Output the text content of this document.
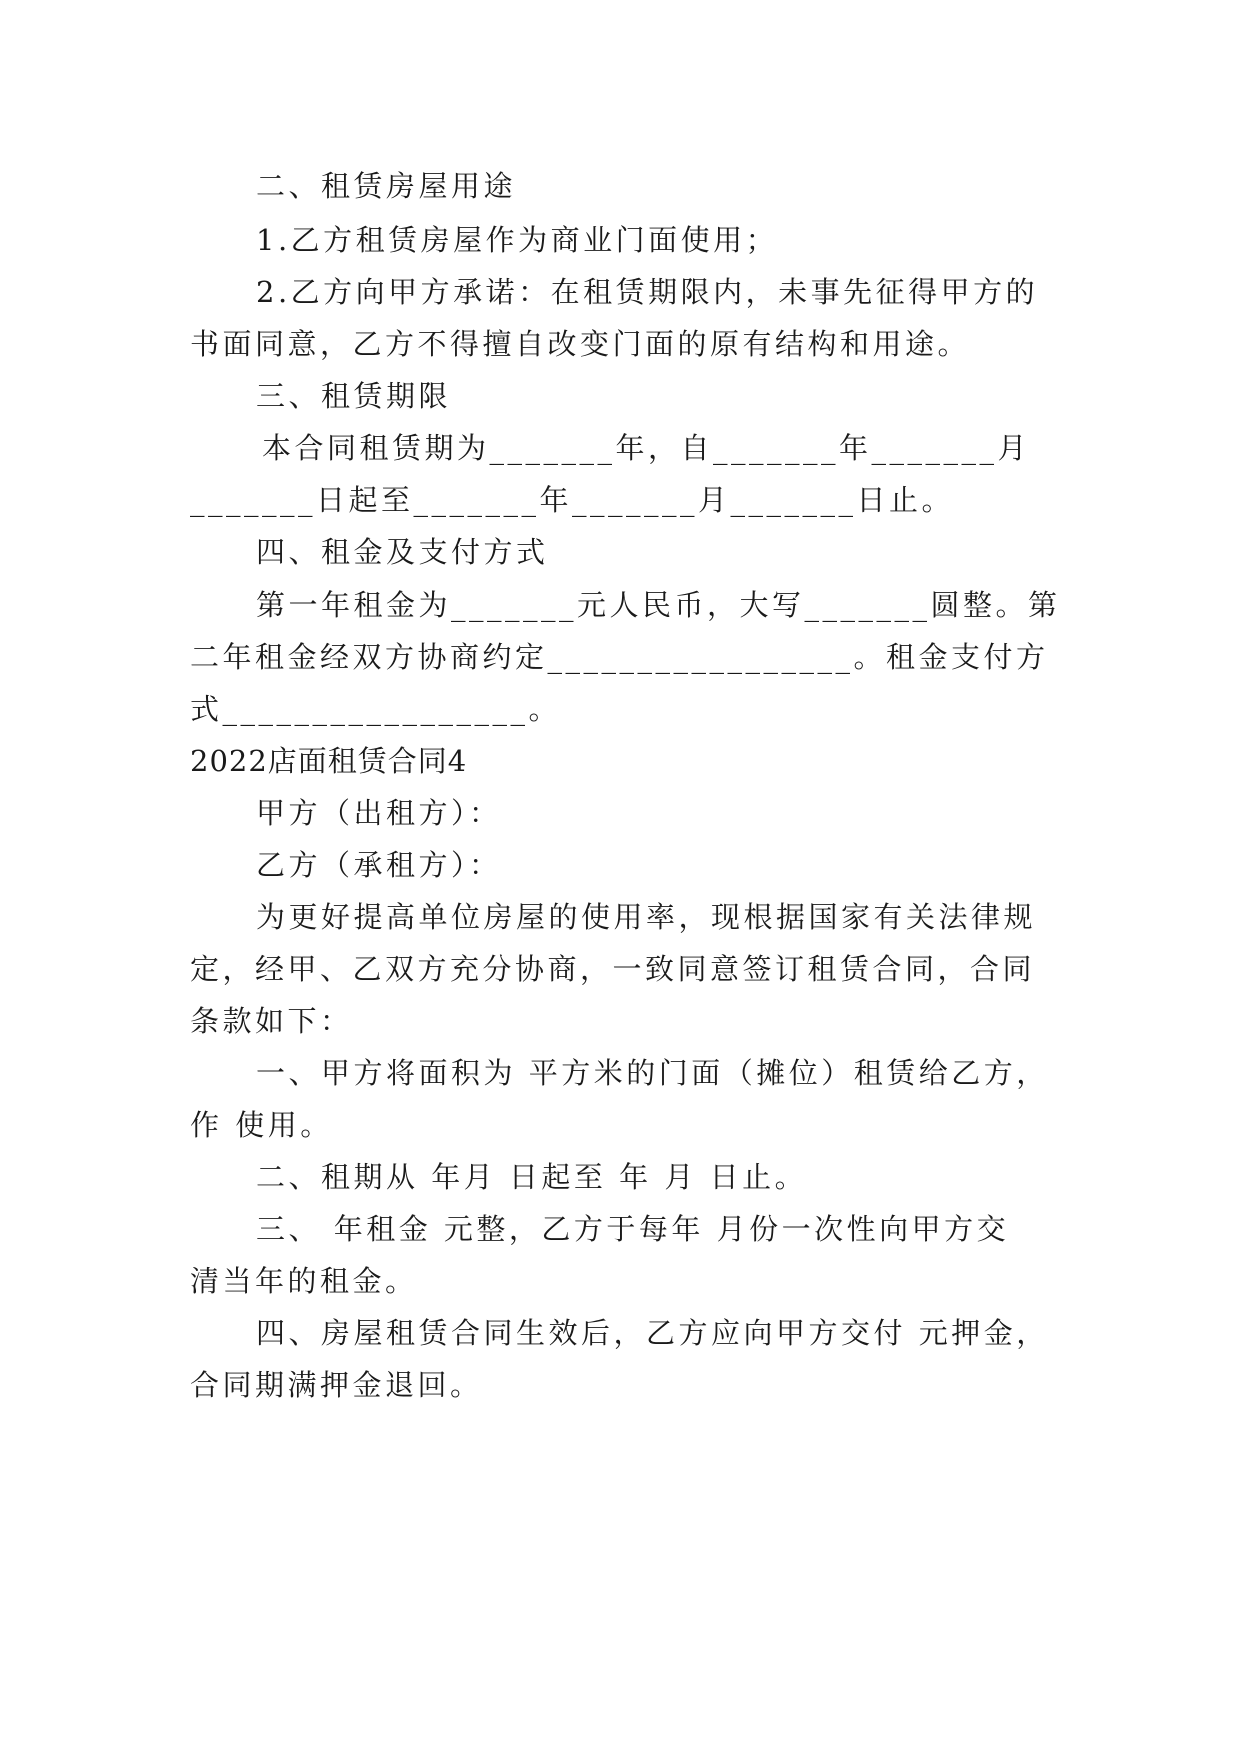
二、租赁房屋用途
1.乙方租赁房屋作为商业门面使用；
2.乙方向甲方承诺：在租赁期限内，未事先征得甲方的
书面同意，乙方不得擅自改变门面的原有结构和用途。
三、租赁期限
本合同租赁期为_______年，自_______年_______月
_______日起至_______年_______月_______日止。
四、租金及支付方式
第一年租金为_______元人民币，大写_______圆整。第
二年租金经双方协商约定_________________。租金支付方
式_________________。
2022店面租赁合同4
甲方（出租方）：
乙方（承租方）：
为更好提高单位房屋的使用率，现根据国家有关法律规
定，经甲、乙双方充分协商，一致同意签订租赁合同，合同
条款如下：
一、甲方将面积为 平方米的门面（摊位）租赁给乙方，
作 使用。
二、租期从 年月 日起至 年 月 日止。
三、 年租金 元整，乙方于每年 月份一次性向甲方交
清当年的租金。
四、房屋租赁合同生效后，乙方应向甲方交付 元押金，
合同期满押金退回。
